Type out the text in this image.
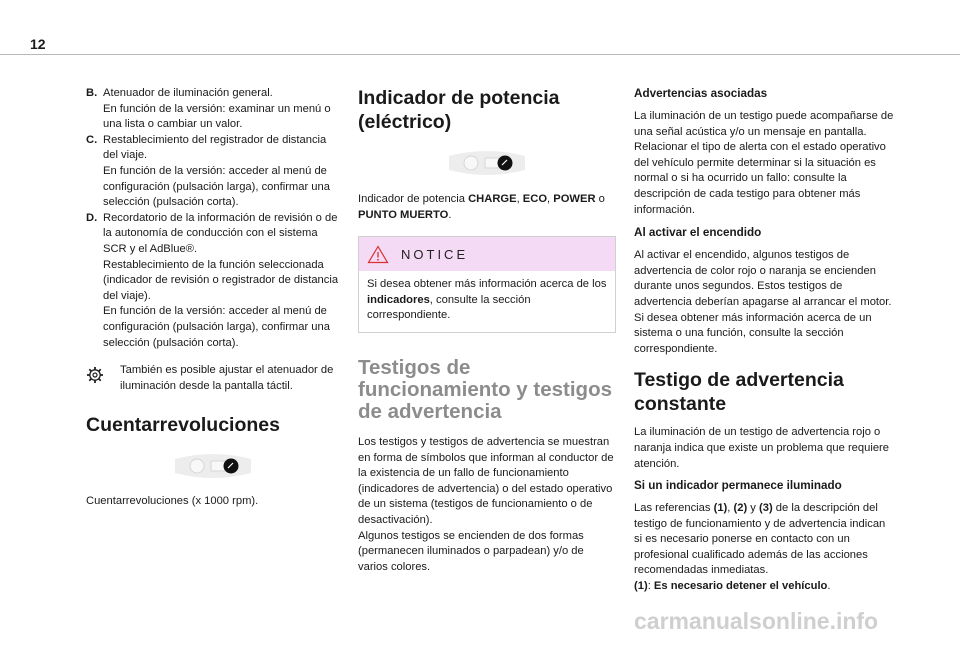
12
B. Atenuador de iluminación general.
En función de la versión: examinar un menú o una lista o cambiar un valor.
C. Restablecimiento del registrador de distancia del viaje.
En función de la versión: acceder al menú de configuración (pulsación larga), confirmar una selección (pulsación corta).
D. Recordatorio de la información de revisión o de la autonomía de conducción con el sistema SCR y el AdBlue®.
Restablecimiento de la función seleccionada (indicador de revisión o registrador de distancia del viaje).
En función de la versión: acceder al menú de configuración (pulsación larga), confirmar una selección (pulsación corta).
También es posible ajustar el atenuador de iluminación desde la pantalla táctil.
Cuentarrevoluciones

Cuentarrevoluciones (x 1000 rpm).

Indicador de potencia (eléctrico)

Indicador de potencia CHARGE, ECO, POWER o PUNTO MUERTO.

NOTICE
Si desea obtener más información acerca de los indicadores, consulte la sección correspondiente.
Testigos de funcionamiento y testigos de advertencia

Los testigos y testigos de advertencia se muestran en forma de símbolos que informan al conductor de la existencia de un fallo de funcionamiento (indicadores de advertencia) o del estado operativo de un sistema (testigos de funcionamiento o de desactivación).
Algunos testigos se encienden de dos formas (permanecen iluminados o parpadean) y/o de varios colores.

Advertencias asociadas

La iluminación de un testigo puede acompañarse de una señal acústica y/o un mensaje en pantalla.
Relacionar el tipo de alerta con el estado operativo del vehículo permite determinar si la situación es normal o si ha ocurrido un fallo: consulte la descripción de cada testigo para obtener más información.

Al activar el encendido

Al activar el encendido, algunos testigos de advertencia de color rojo o naranja se encienden durante unos segundos. Estos testigos de advertencia deberían apagarse al arrancar el motor.
Si desea obtener más información acerca de un sistema o una función, consulte la sección correspondiente.

Testigo de advertencia constante

La iluminación de un testigo de advertencia rojo o naranja indica que existe un problema que requiere atención.

Si un indicador permanece iluminado

Las referencias (1), (2) y (3) de la descripción del testigo de funcionamiento y de advertencia indican si es necesario ponerse en contacto con un profesional cualificado además de las acciones recomendadas inmediatas.
(1): Es necesario detener el vehículo.

carmanualsonline.info
